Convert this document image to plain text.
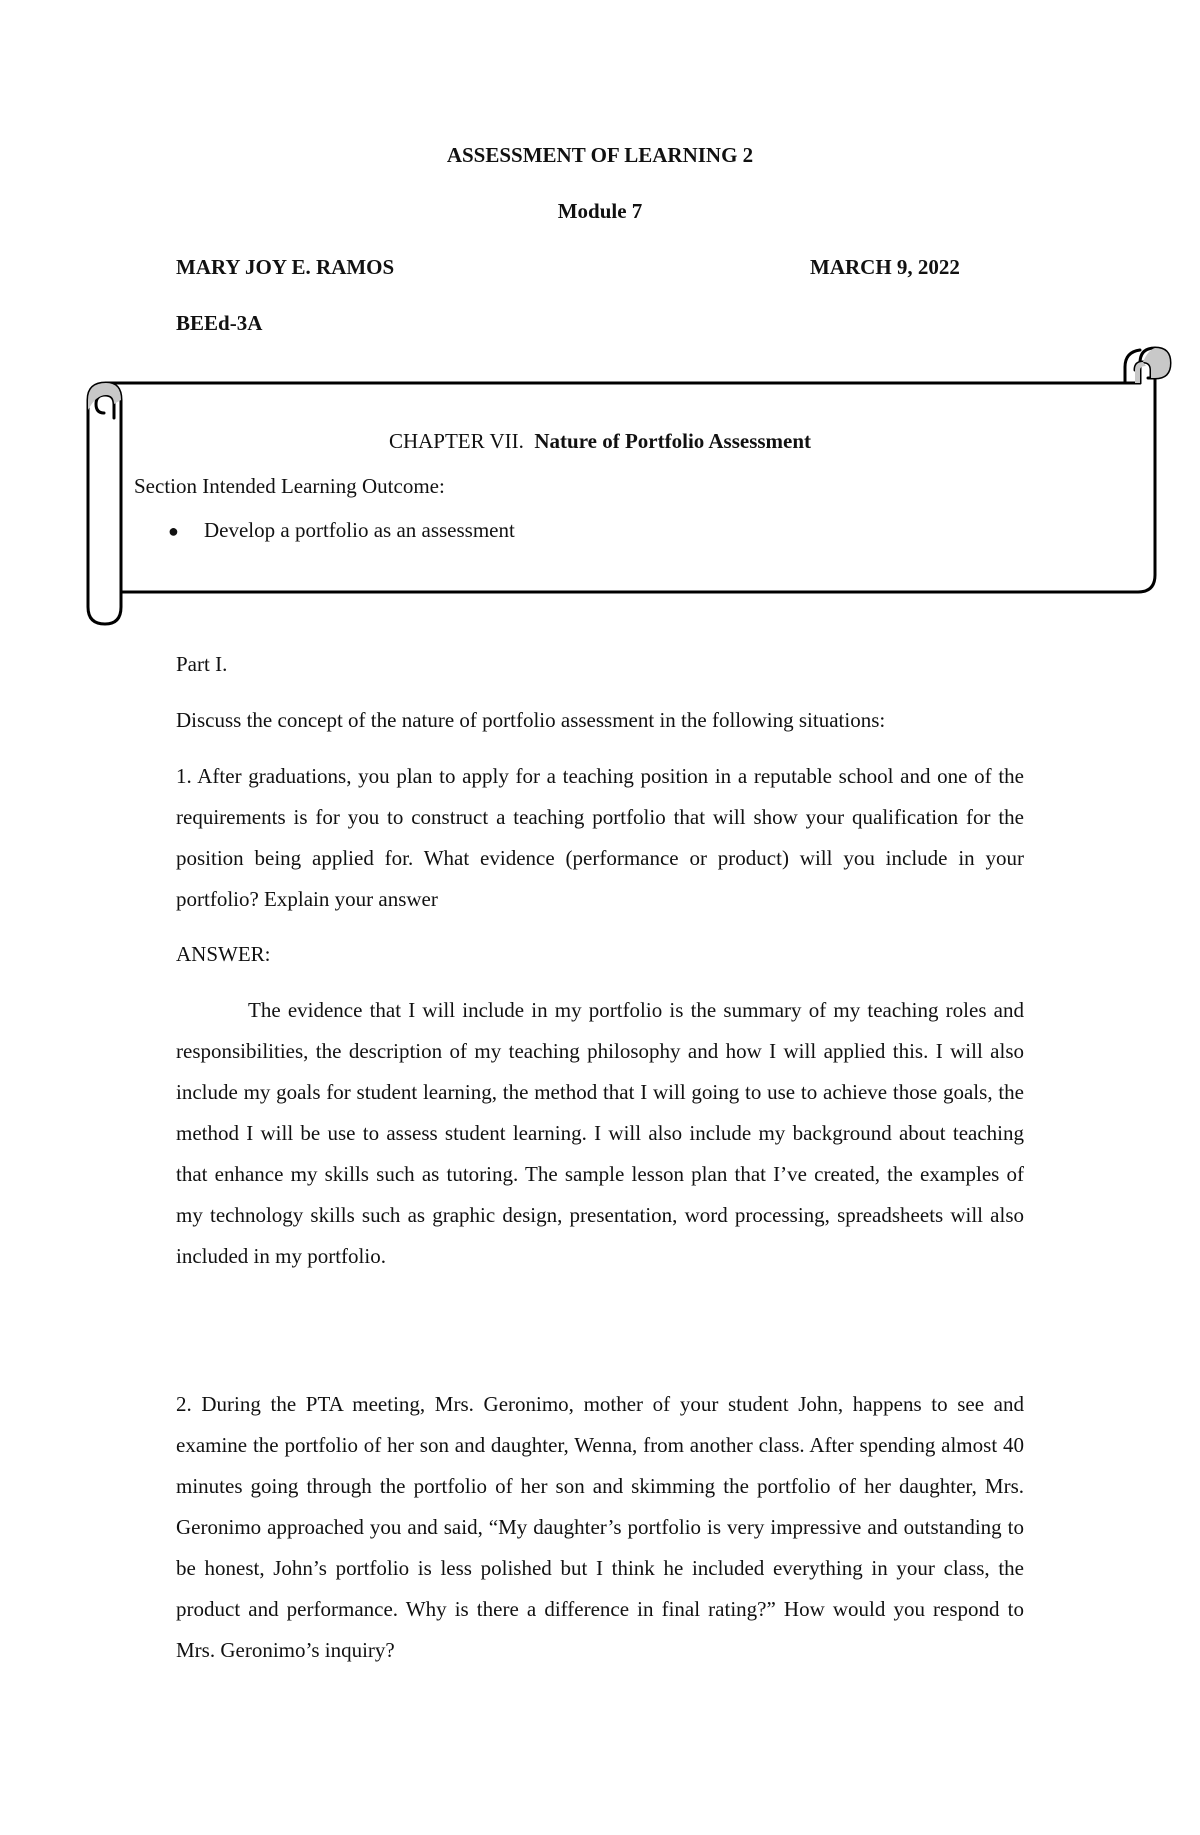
ASSESSMENT OF LEARNING 2
Module 7
MARY JOY E. RAMOS	MARCH 9, 2022
BEEd-3A
CHAPTER VII. Nature of Portfolio Assessment
Section Intended Learning Outcome:
●	Develop a portfolio as an assessment
Part I.
Discuss the concept of the nature of portfolio assessment in the following situations:
1. After graduations, you plan to apply for a teaching position in a reputable school and one of the requirements is for you to construct a teaching portfolio that will show your qualification for the position being applied for. What evidence (performance or product) will you include in your portfolio? Explain your answer
ANSWER:
The evidence that I will include in my portfolio is the summary of my teaching roles and responsibilities, the description of my teaching philosophy and how I will applied this. I will also include my goals for student learning, the method that I will going to use to achieve those goals, the method I will be use to assess student learning. I will also include my background about teaching that enhance my skills such as tutoring. The sample lesson plan that I’ve created, the examples of my technology skills such as graphic design, presentation, word processing, spreadsheets will also included in my portfolio.
2. During the PTA meeting, Mrs. Geronimo, mother of your student John, happens to see and examine the portfolio of her son and daughter, Wenna, from another class. After spending almost 40 minutes going through the portfolio of her son and skimming the portfolio of her daughter, Mrs. Geronimo approached you and said, “My daughter’s portfolio is very impressive and outstanding to be honest, John’s portfolio is less polished but I think he included everything in your class, the product and performance. Why is there a difference in final rating?” How would you respond to Mrs. Geronimo’s inquiry?
